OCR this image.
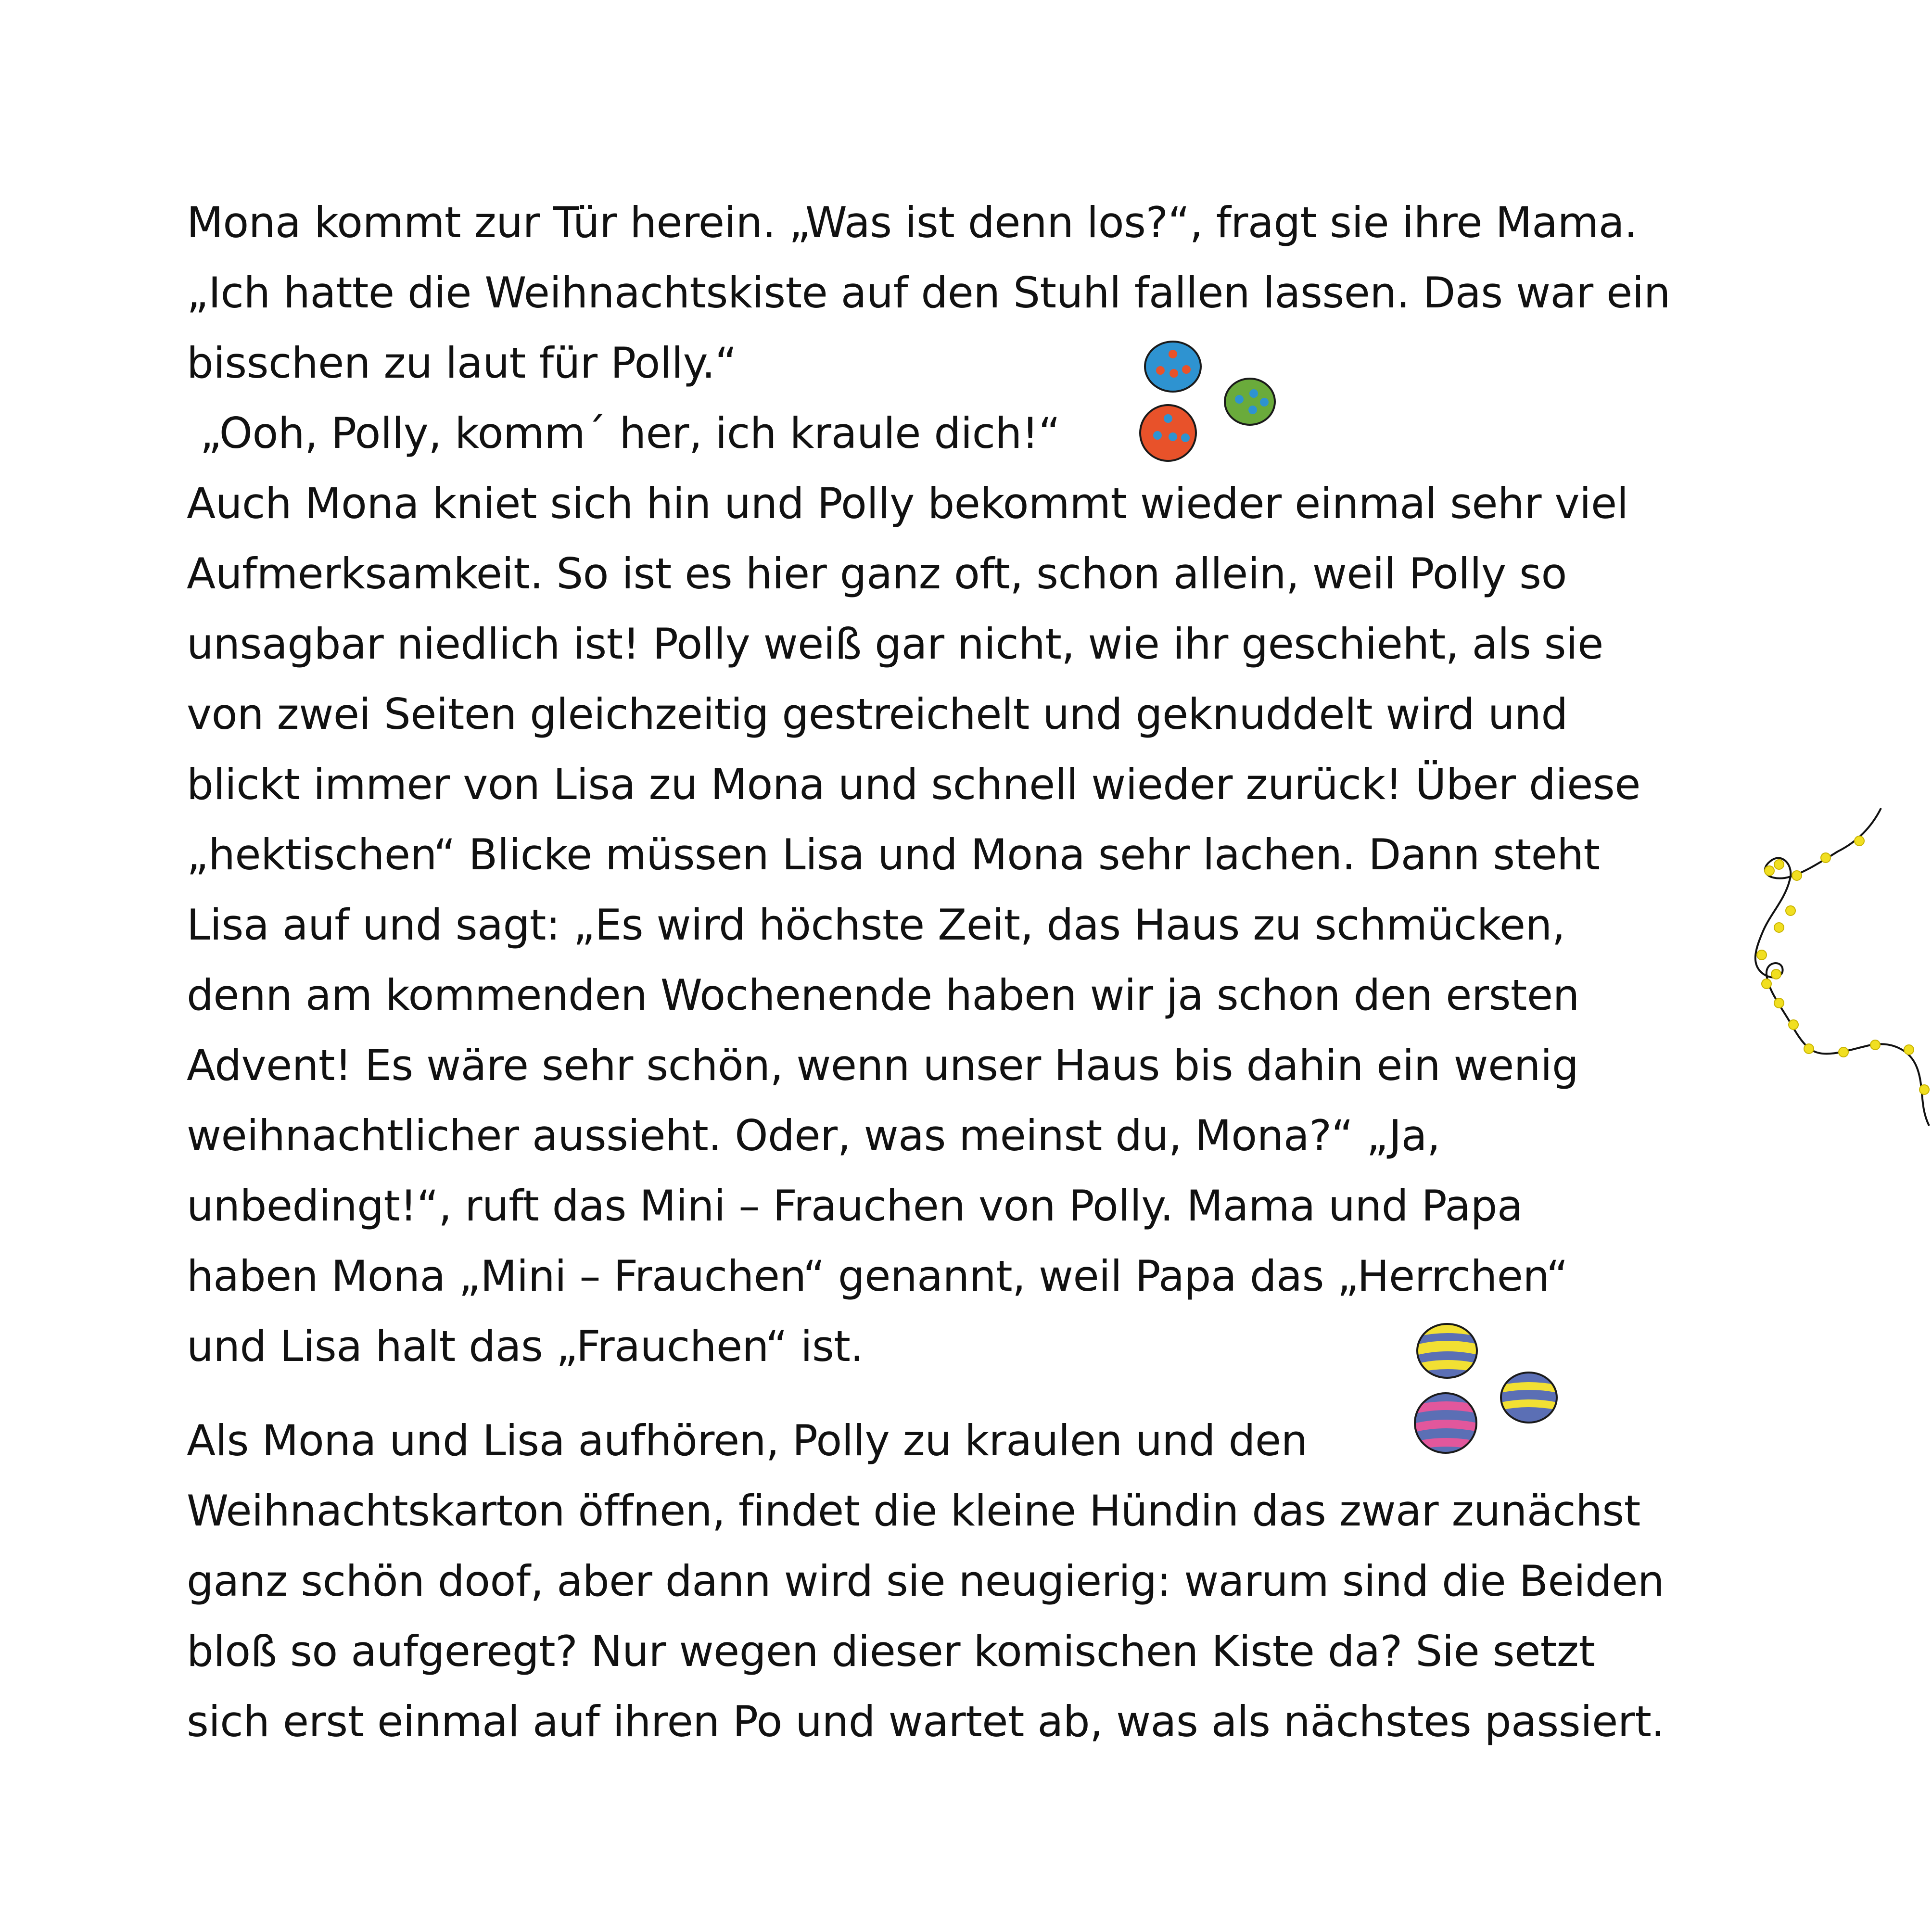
Mona kommt zur Tür herein. „Was ist denn los?“, fragt sie ihre Mama.
„Ich hatte die Weihnachtskiste auf den Stuhl fallen lassen. Das war ein
bisschen zu laut für Polly.“
„Ooh, Polly, komm´ her, ich kraule dich!“
Auch Mona kniet sich hin und Polly bekommt wieder einmal sehr viel
Aufmerksamkeit. So ist es hier ganz oft, schon allein, weil Polly so
unsagbar niedlich ist! Polly weiß gar nicht, wie ihr geschieht, als sie
von zwei Seiten gleichzeitig gestreichelt und geknuddelt wird und
blickt immer von Lisa zu Mona und schnell wieder zurück! Über diese
„hektischen“ Blicke müssen Lisa und Mona sehr lachen. Dann steht
Lisa auf und sagt: „Es wird höchste Zeit, das Haus zu schmücken,
denn am kommenden Wochenende haben wir ja schon den ersten
Advent! Es wäre sehr schön, wenn unser Haus bis dahin ein wenig
weihnachtlicher aussieht. Oder, was meinst du, Mona?“ „Ja,
unbedingt!“, ruft das Mini – Frauchen von Polly. Mama und Papa
haben Mona „Mini – Frauchen“ genannt, weil Papa das „Herrchen“
und Lisa halt das „Frauchen“ ist.

Als Mona und Lisa aufhören, Polly zu kraulen und den
Weihnachtskarton öffnen, findet die kleine Hündin das zwar zunächst
ganz schön doof, aber dann wird sie neugierig: warum sind die Beiden
bloß so aufgeregt? Nur wegen dieser komischen Kiste da? Sie setzt
sich erst einmal auf ihren Po und wartet ab, was als nächstes passiert.
